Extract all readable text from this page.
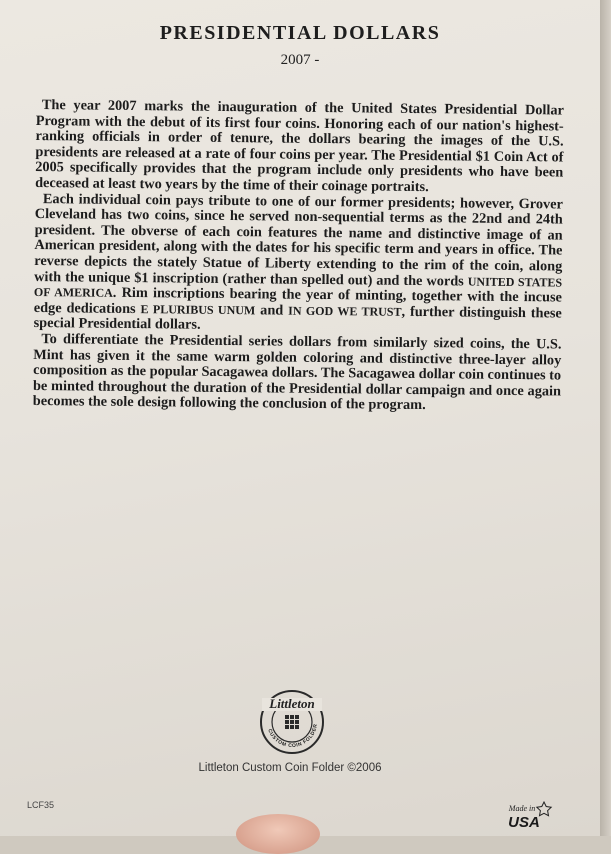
PRESIDENTIAL DOLLARS
2007 -

The year 2007 marks the inauguration of the United States Presidential Dollar Program with the debut of its first four coins. Honoring each of our nation's highest-ranking officials in order of tenure, the dollars bearing the images of the U.S. presidents are released at a rate of four coins per year. The Presidential $1 Coin Act of 2005 specifically provides that the program include only presidents who have been deceased at least two years by the time of their coinage portraits.

Each individual coin pays tribute to one of our former presidents; however, Grover Cleveland has two coins, since he served non-sequential terms as the 22nd and 24th president. The obverse of each coin features the name and distinctive image of an American president, along with the dates for his specific term and years in office. The reverse depicts the stately Statue of Liberty extending to the rim of the coin, along with the unique $1 inscription (rather than spelled out) and the words UNITED STATES OF AMERICA. Rim inscriptions bearing the year of minting, together with the incuse edge dedications E PLURIBUS UNUM and IN GOD WE TRUST, further distinguish these special Presidential dollars.

To differentiate the Presidential series dollars from similarly sized coins, the U.S. Mint has given it the same warm golden coloring and distinctive three-layer alloy composition as the popular Sacagawea dollars. The Sacagawea dollar coin continues to be minted throughout the duration of the Presidential dollar campaign and once again becomes the sole design following the conclusion of the program.

Littleton
CUSTOM COIN FOLDER
Littleton Custom Coin Folder ©2006
LCF35	Made in
USA
